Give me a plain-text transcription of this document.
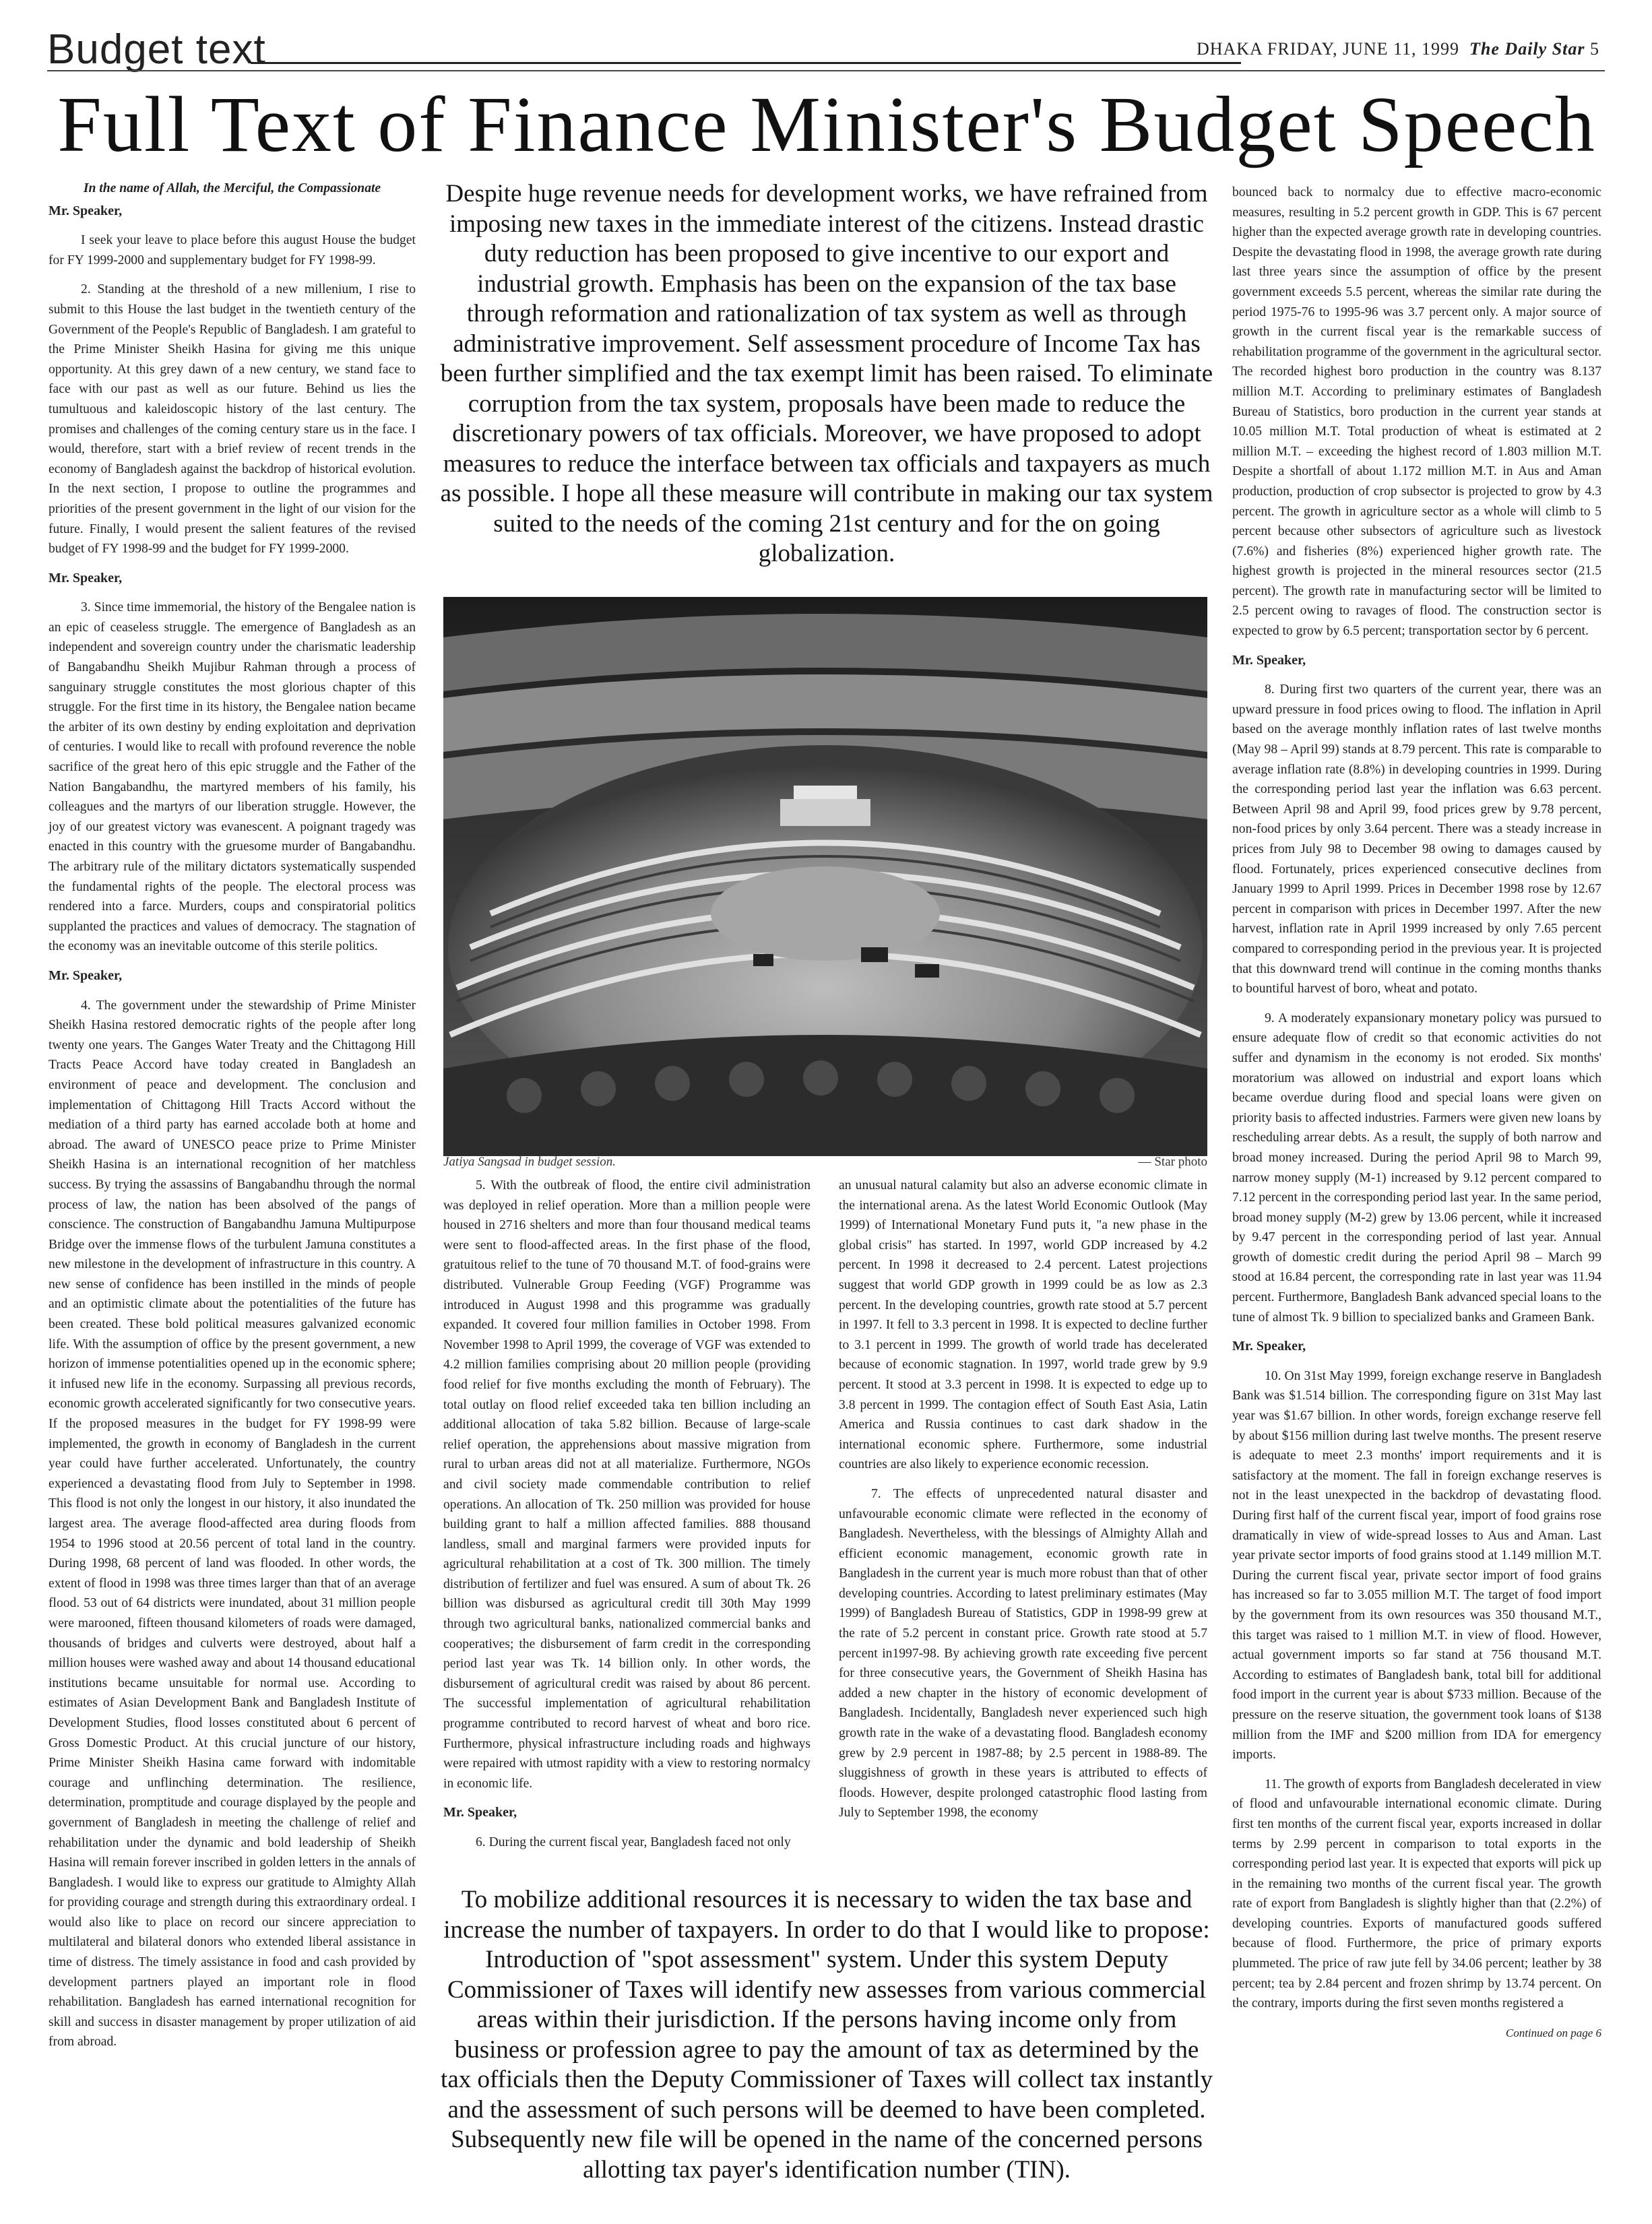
Budget text	DHAKA FRIDAY, JUNE 11, 1999 The Daily Star 5
Full Text of Finance Minister's Budget Speech

In the name of Allah, the Merciful, the Compassionate

Mr. Speaker,

I seek your leave to place before this august House the budget for FY 1999-2000 and supplementary budget for FY 1998-99.

2. Standing at the threshold of a new millenium, I rise to submit to this House the last budget in the twentieth century of the Government of the People's Republic of Bangladesh. I am grateful to the Prime Minister Sheikh Hasina for giving me this unique opportunity. At this grey dawn of a new century, we stand face to face with our past as well as our future. Behind us lies the tumultuous and kaleidoscopic history of the last century. The promises and challenges of the coming century stare us in the face. I would, therefore, start with a brief review of recent trends in the economy of Bangladesh against the backdrop of historical evolution. In the next section, I propose to outline the programmes and priorities of the present government in the light of our vision for the future. Finally, I would present the salient features of the revised budget of FY 1998-99 and the budget for FY 1999-2000.

Mr. Speaker,

3. Since time immemorial, the history of the Bengalee nation is an epic of ceaseless struggle. The emergence of Bangladesh as an independent and sovereign country under the charismatic leadership of Bangabandhu Sheikh Mujibur Rahman through a process of sanguinary struggle constitutes the most glorious chapter of this struggle. For the first time in its history, the Bengalee nation became the arbiter of its own destiny by ending exploitation and deprivation of centuries. I would like to recall with profound reverence the noble sacrifice of the great hero of this epic struggle and the Father of the Nation Bangabandhu, the martyred members of his family, his colleagues and the martyrs of our liberation struggle. However, the joy of our greatest victory was evanescent. A poignant tragedy was enacted in this country with the gruesome murder of Bangabandhu. The arbitrary rule of the military dictators systematically suspended the fundamental rights of the people. The electoral process was rendered into a farce. Murders, coups and conspiratorial politics supplanted the practices and values of democracy. The stagnation of the economy was an inevitable outcome of this sterile politics.

Mr. Speaker,

4. The government under the stewardship of Prime Minister Sheikh Hasina restored democratic rights of the people after long twenty one years. The Ganges Water Treaty and the Chittagong Hill Tracts Peace Accord have today created in Bangladesh an environment of peace and development. The conclusion and implementation of Chittagong Hill Tracts Accord without the mediation of a third party has earned accolade both at home and abroad. The award of UNESCO peace prize to Prime Minister Sheikh Hasina is an international recognition of her matchless success. By trying the assassins of Bangabandhu through the normal process of law, the nation has been absolved of the pangs of conscience. The construction of Bangabandhu Jamuna Multipurpose Bridge over the immense flows of the turbulent Jamuna constitutes a new milestone in the development of infrastructure in this country. A new sense of confidence has been instilled in the minds of people and an optimistic climate about the potentialities of the future has been created. These bold political measures galvanized economic life. With the assumption of office by the present government, a new horizon of immense potentialities opened up in the economic sphere; it infused new life in the economy. Surpassing all previous records, economic growth accelerated significantly for two consecutive years. If the proposed measures in the budget for FY 1998-99 were implemented, the growth in economy of Bangladesh in the current year could have further accelerated. Unfortunately, the country experienced a devastating flood from July to September in 1998. This flood is not only the longest in our history, it also inundated the largest area. The average flood-affected area during floods from 1954 to 1996 stood at 20.56 percent of total land in the country. During 1998, 68 percent of land was flooded. In other words, the extent of flood in 1998 was three times larger than that of an average flood. 53 out of 64 districts were inundated, about 31 million people were marooned, fifteen thousand kilometers of roads were damaged, thousands of bridges and culverts were destroyed, about half a million houses were washed away and about 14 thousand educational institutions became unsuitable for normal use. According to estimates of Asian Development Bank and Bangladesh Institute of Development Studies, flood losses constituted about 6 percent of Gross Domestic Product. At this crucial juncture of our history, Prime Minister Sheikh Hasina came forward with indomitable courage and unflinching determination. The resilience, determination, promptitude and courage displayed by the people and government of Bangladesh in meeting the challenge of relief and rehabilitation under the dynamic and bold leadership of Sheikh Hasina will remain forever inscribed in golden letters in the annals of Bangladesh. I would like to express our gratitude to Almighty Allah for providing courage and strength during this extraordinary ordeal. I would also like to place on record our sincere appreciation to multilateral and bilateral donors who extended liberal assistance in time of distress. The timely assistance in food and cash provided by development partners played an important role in flood rehabilitation. Bangladesh has earned international recognition for skill and success in disaster management by proper utilization of aid from abroad.

Despite huge revenue needs for development works, we have refrained from imposing new taxes in the immediate interest of the citizens. Instead drastic duty reduction has been proposed to give incentive to our export and industrial growth. Emphasis has been on the expansion of the tax base through reformation and rationalization of tax system as well as through administrative improvement. Self assessment procedure of Income Tax has been further simplified and the tax exempt limit has been raised. To eliminate corruption from the tax system, proposals have been made to reduce the discretionary powers of tax officials. Moreover, we have proposed to adopt measures to reduce the interface between tax officials and taxpayers as much as possible. I hope all these measure will contribute in making our tax system suited to the needs of the coming 21st century and for the on going globalization.
Jatiya Sangsad in budget session.	— Star photo

5. With the outbreak of flood, the entire civil administration was deployed in relief operation. More than a million people were housed in 2716 shelters and more than four thousand medical teams were sent to flood-affected areas. In the first phase of the flood, gratuitous relief to the tune of 70 thousand M.T. of food-grains were distributed. Vulnerable Group Feeding (VGF) Programme was introduced in August 1998 and this programme was gradually expanded. It covered four million families in October 1998. From November 1998 to April 1999, the coverage of VGF was extended to 4.2 million families comprising about 20 million people (providing food relief for five months excluding the month of February). The total outlay on flood relief exceeded taka ten billion including an additional allocation of taka 5.82 billion. Because of large-scale relief operation, the apprehensions about massive migration from rural to urban areas did not at all materialize. Furthermore, NGOs and civil society made commendable contribution to relief operations. An allocation of Tk. 250 million was provided for house building grant to half a million affected families. 888 thousand landless, small and marginal farmers were provided inputs for agricultural rehabilitation at a cost of Tk. 300 million. The timely distribution of fertilizer and fuel was ensured. A sum of about Tk. 26 billion was disbursed as agricultural credit till 30th May 1999 through two agricultural banks, nationalized commercial banks and cooperatives; the disbursement of farm credit in the corresponding period last year was Tk. 14 billion only. In other words, the disbursement of agricultural credit was raised by about 86 percent. The successful implementation of agricultural rehabilitation programme contributed to record harvest of wheat and boro rice. Furthermore, physical infrastructure including roads and highways were repaired with utmost rapidity with a view to restoring normalcy in economic life.

Mr. Speaker,

6. During the current fiscal year, Bangladesh faced not only

an unusual natural calamity but also an adverse economic climate in the international arena. As the latest World Economic Outlook (May 1999) of International Monetary Fund puts it, "a new phase in the global crisis" has started. In 1997, world GDP increased by 4.2 percent. In 1998 it decreased to 2.4 percent. Latest projections suggest that world GDP growth in 1999 could be as low as 2.3 percent. In the developing countries, growth rate stood at 5.7 percent in 1997. It fell to 3.3 percent in 1998. It is expected to decline further to 3.1 percent in 1999. The growth of world trade has decelerated because of economic stagnation. In 1997, world trade grew by 9.9 percent. It stood at 3.3 percent in 1998. It is expected to edge up to 3.8 percent in 1999. The contagion effect of South East Asia, Latin America and Russia continues to cast dark shadow in the international economic sphere. Furthermore, some industrial countries are also likely to experience economic recession.

7. The effects of unprecedented natural disaster and unfavourable economic climate were reflected in the economy of Bangladesh. Nevertheless, with the blessings of Almighty Allah and efficient economic management, economic growth rate in Bangladesh in the current year is much more robust than that of other developing countries. According to latest preliminary estimates (May 1999) of Bangladesh Bureau of Statistics, GDP in 1998-99 grew at the rate of 5.2 percent in constant price. Growth rate stood at 5.7 percent in1997-98. By achieving growth rate exceeding five percent for three consecutive years, the Government of Sheikh Hasina has added a new chapter in the history of economic development of Bangladesh. Incidentally, Bangladesh never experienced such high growth rate in the wake of a devastating flood. Bangladesh economy grew by 2.9 percent in 1987-88; by 2.5 percent in 1988-89. The sluggishness of growth in these years is attributed to effects of floods. However, despite prolonged catastrophic flood lasting from July to September 1998, the economy

To mobilize additional resources it is necessary to widen the tax base and increase the number of taxpayers. In order to do that I would like to propose: Introduction of "spot assessment" system. Under this system Deputy Commissioner of Taxes will identify new assesses from various commercial areas within their jurisdiction. If the persons having income only from business or profession agree to pay the amount of tax as determined by the tax officials then the Deputy Commissioner of Taxes will collect tax instantly and the assessment of such persons will be deemed to have been completed. Subsequently new file will be opened in the name of the concerned persons allotting tax payer's identification number (TIN).

bounced back to normalcy due to effective macro-economic measures, resulting in 5.2 percent growth in GDP. This is 67 percent higher than the expected average growth rate in developing countries. Despite the devastating flood in 1998, the average growth rate during last three years since the assumption of office by the present government exceeds 5.5 percent, whereas the similar rate during the period 1975-76 to 1995-96 was 3.7 percent only. A major source of growth in the current fiscal year is the remarkable success of rehabilitation programme of the government in the agricultural sector. The recorded highest boro production in the country was 8.137 million M.T. According to preliminary estimates of Bangladesh Bureau of Statistics, boro production in the current year stands at 10.05 million M.T. Total production of wheat is estimated at 2 million M.T. – exceeding the highest record of 1.803 million M.T. Despite a shortfall of about 1.172 million M.T. in Aus and Aman production, production of crop subsector is projected to grow by 4.3 percent. The growth in agriculture sector as a whole will climb to 5 percent because other subsectors of agriculture such as livestock (7.6%) and fisheries (8%) experienced higher growth rate. The highest growth is projected in the mineral resources sector (21.5 percent). The growth rate in manufacturing sector will be limited to 2.5 percent owing to ravages of flood. The construction sector is expected to grow by 6.5 percent; transportation sector by 6 percent.

Mr. Speaker,

8. During first two quarters of the current year, there was an upward pressure in food prices owing to flood. The inflation in April based on the average monthly inflation rates of last twelve months (May 98 – April 99) stands at 8.79 percent. This rate is comparable to average inflation rate (8.8%) in developing countries in 1999. During the corresponding period last year the inflation was 6.63 percent. Between April 98 and April 99, food prices grew by 9.78 percent, non-food prices by only 3.64 percent. There was a steady increase in prices from July 98 to December 98 owing to damages caused by flood. Fortunately, prices experienced consecutive declines from January 1999 to April 1999. Prices in December 1998 rose by 12.67 percent in comparison with prices in December 1997. After the new harvest, inflation rate in April 1999 increased by only 7.65 percent compared to corresponding period in the previous year. It is projected that this downward trend will continue in the coming months thanks to bountiful harvest of boro, wheat and potato.

9. A moderately expansionary monetary policy was pursued to ensure adequate flow of credit so that economic activities do not suffer and dynamism in the economy is not eroded. Six months' moratorium was allowed on industrial and export loans which became overdue during flood and special loans were given on priority basis to affected industries. Farmers were given new loans by rescheduling arrear debts. As a result, the supply of both narrow and broad money increased. During the period April 98 to March 99, narrow money supply (M-1) increased by 9.12 percent compared to 7.12 percent in the corresponding period last year. In the same period, broad money supply (M-2) grew by 13.06 percent, while it increased by 9.47 percent in the corresponding period of last year. Annual growth of domestic credit during the period April 98 – March 99 stood at 16.84 percent, the corresponding rate in last year was 11.94 percent. Furthermore, Bangladesh Bank advanced special loans to the tune of almost Tk. 9 billion to specialized banks and Grameen Bank.

Mr. Speaker,

10. On 31st May 1999, foreign exchange reserve in Bangladesh Bank was $1.514 billion. The corresponding figure on 31st May last year was $1.67 billion. In other words, foreign exchange reserve fell by about $156 million during last twelve months. The present reserve is adequate to meet 2.3 months' import requirements and it is satisfactory at the moment. The fall in foreign exchange reserves is not in the least unexpected in the backdrop of devastating flood. During first half of the current fiscal year, import of food grains rose dramatically in view of wide-spread losses to Aus and Aman. Last year private sector imports of food grains stood at 1.149 million M.T. During the current fiscal year, private sector import of food grains has increased so far to 3.055 million M.T. The target of food import by the government from its own resources was 350 thousand M.T., this target was raised to 1 million M.T. in view of flood. However, actual government imports so far stand at 756 thousand M.T. According to estimates of Bangladesh bank, total bill for additional food import in the current year is about $733 million. Because of the pressure on the reserve situation, the government took loans of $138 million from the IMF and $200 million from IDA for emergency imports.

11. The growth of exports from Bangladesh decelerated in view of flood and unfavourable international economic climate. During first ten months of the current fiscal year, exports increased in dollar terms by 2.99 percent in comparison to total exports in the corresponding period last year. It is expected that exports will pick up in the remaining two months of the current fiscal year. The growth rate of export from Bangladesh is slightly higher than that (2.2%) of developing countries. Exports of manufactured goods suffered because of flood. Furthermore, the price of primary exports plummeted. The price of raw jute fell by 34.06 percent; leather by 38 percent; tea by 2.84 percent and frozen shrimp by 13.74 percent. On the contrary, imports during the first seven months registered a

Continued on page 6
